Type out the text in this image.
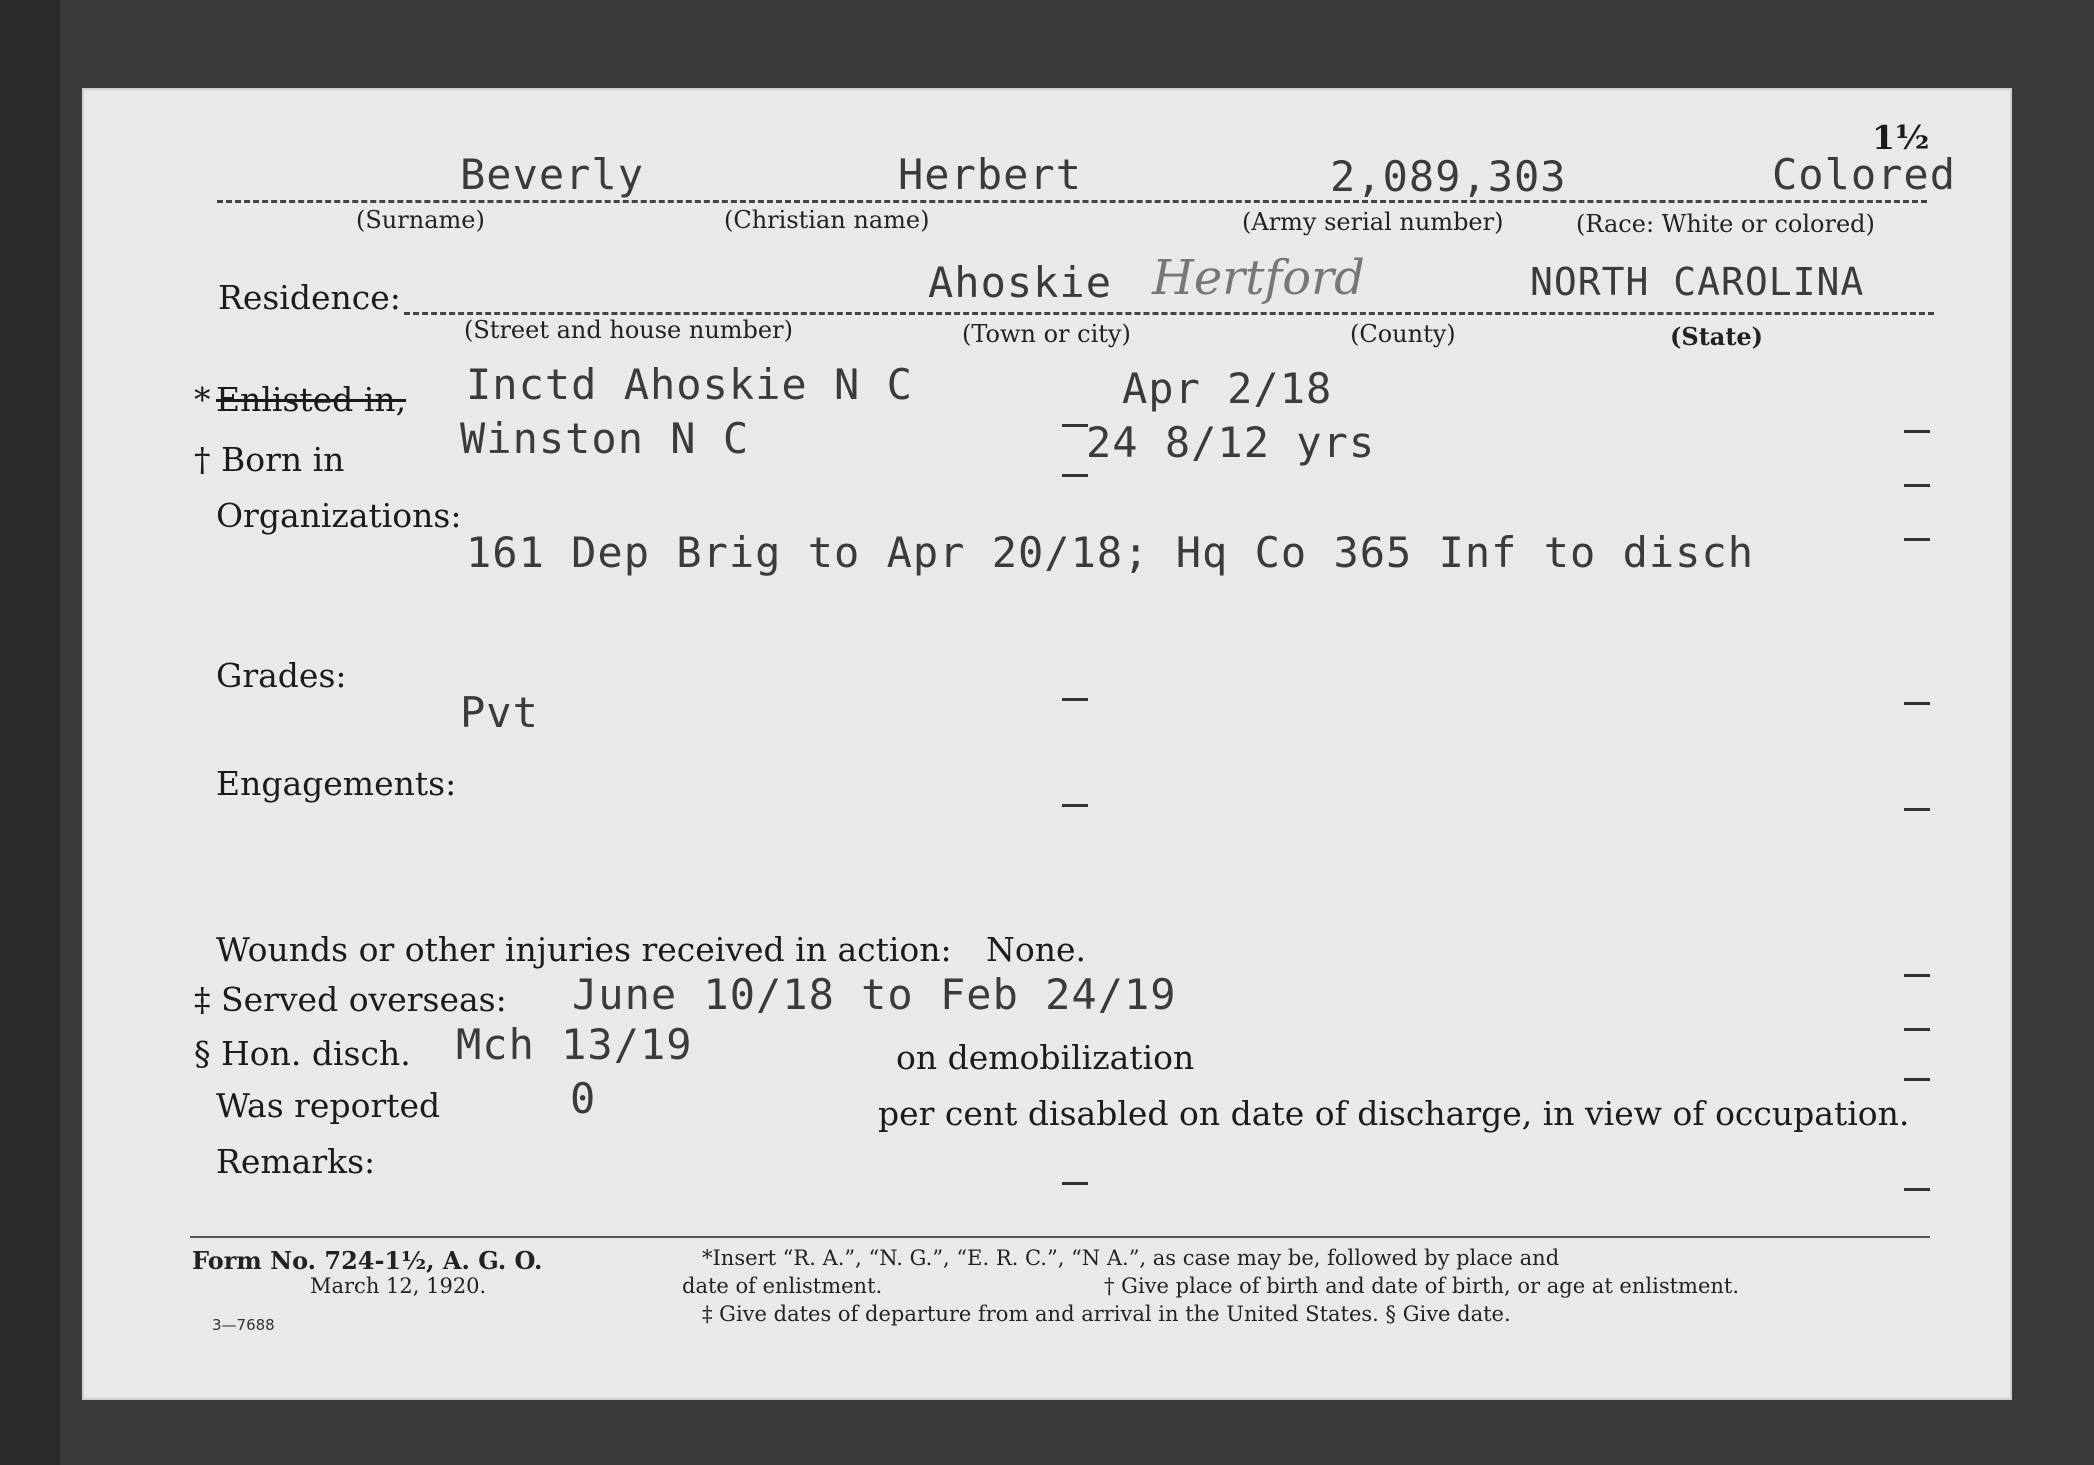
1½
Beverly	Herbert	2,089,303	Colored
(Surname)	(Christian name)	(Army serial number)	(Race: White or colored)
Residence:	Ahoskie Hertford	NORTH CAROLINA
(Street and house number)	(Town or city)	(County)	(State)
* Enlisted in, Inctd Ahoskie N C	Apr 2/18
† Born in	Winston N C	24 8/12 yrs
Organizations:
161 Dep Brig to Apr 20/18; Hq Co 365 Inf to disch
Grades:
Pvt
Engagements:
Wounds or other injuries received in action: None.
‡ Served overseas: June 10/18 to Feb 24/19
§ Hon. disch. Mch 13/19	on demobilization
Was reported	0	per cent disabled on date of discharge, in view of occupation.
Remarks:
Form No. 724-1½, A. G. O.
March 12, 1920.
3—7688
*Insert “R. A.”, “N. G.”, “E. R. C.”, “N A.”, as case may be, followed by place and
date of enlistment.	† Give place of birth and date of birth, or age at enlistment.
‡ Give dates of departure from and arrival in the United States. § Give date.
